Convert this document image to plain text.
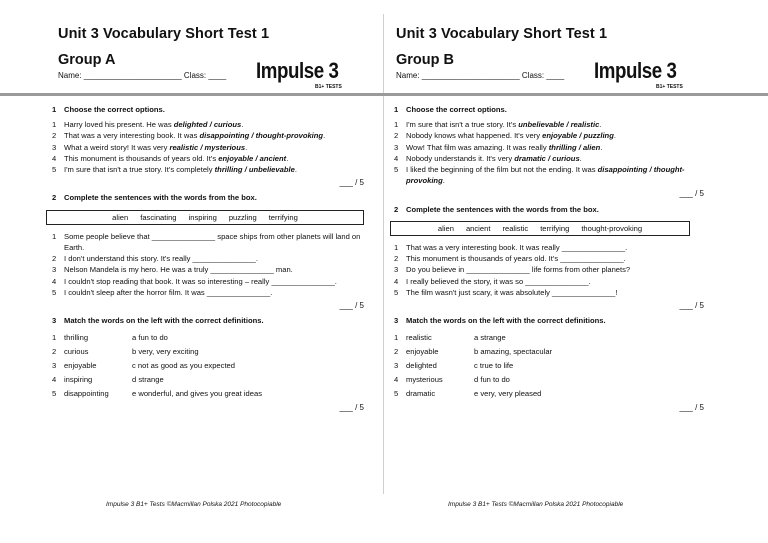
Unit 3 Vocabulary Short Test 1
Group A
Name: ______________________ Class: ____	Impulse 3
B1+ TESTS
1	Choose the correct options.
1	Harry loved his present. He was delighted / curious.
2	That was a very interesting book. It was disappointing / thought-provoking.
3	What a weird story! It was very realistic / mysterious.
4	This monument is thousands of years old. It's enjoyable / ancient.
5	I'm sure that isn't a true story. It's completely thrilling / unbelievable.
___ / 5
2	Complete the sentences with the words from the box.
alien fascinating inspiring puzzling terrifying
1	Some people believe that _______________ space ships from other planets will land on Earth.
2	I don't understand this story. It's really _______________.
3	Nelson Mandela is my hero. He was a truly _______________ man.
4	I couldn't stop reading that book. It was so interesting – really _______________.
5	I couldn't sleep after the horror film. It was _______________.
___ / 5
3	Match the words on the left with the correct definitions.
1	thrilling	a fun to do
2	curious	b very, very exciting
3	enjoyable	c not as good as you expected
4	inspiring	d strange
5	disappointing	e wonderful, and gives you great ideas
___ / 5
Impulse 3 B1+ Tests ©Macmillan Polska 2021 Photocopiable
Unit 3 Vocabulary Short Test 1
Group B
Name: ______________________ Class: ____	Impulse 3
B1+ TESTS
1	Choose the correct options.
1	I'm sure that isn't a true story. It's unbelievable / realistic.
2	Nobody knows what happened. It's very enjoyable / puzzling.
3	Wow! That film was amazing. It was really thrilling / alien.
4	Nobody understands it. It's very dramatic / curious.
5	I liked the beginning of the film but not the ending. It was disappointing / thought-provoking.
___ / 5
2	Complete the sentences with the words from the box.
alien ancient realistic terrifying thought-provoking
1	That was a very interesting book. It was really _______________.
2	This monument is thousands of years old. It's _______________.
3	Do you believe in _______________ life forms from other planets?
4	I really believed the story, it was so _______________.
5	The film wasn't just scary, it was absolutely _______________!
___ / 5
3	Match the words on the left with the correct definitions.
1	realistic	a strange
2	enjoyable	b amazing, spectacular
3	delighted	c true to life
4	mysterious	d fun to do
5	dramatic	e very, very pleased
___ / 5
Impulse 3 B1+ Tests ©Macmillan Polska 2021 Photocopiable
